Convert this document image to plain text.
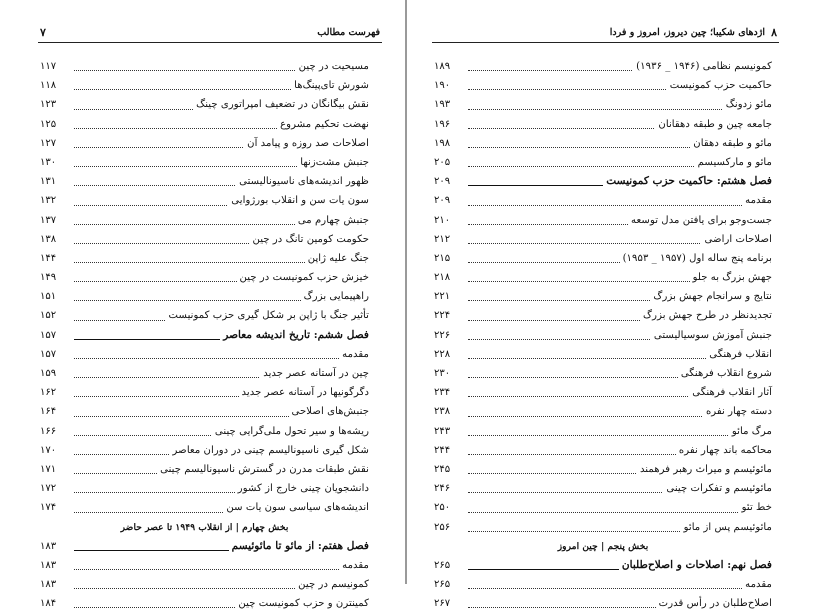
۷	فهرست مطالب
مسیحیت در چین
۱۱۷
شورش تای‌پینگ‌ها
۱۱۸
نقش بیگانگان در تضعیف امپراتوری چینگ
۱۲۳
نهضت تحکیم مشروع
۱۲۵
اصلاحات صد روزه و پیامد آن
۱۲۷
جنبش مشت‌زنها
۱۳۰
ظهور اندیشه‌های ناسیونالیستی
۱۳۱
سون یات سن و انقلاب بورژوایی
۱۳۲
جنبش چهارم می
۱۳۷
حکومت کومین تانگ در چین
۱۳۸
جنگ علیه ژاپن
۱۴۴
خیزش حزب کمونیست در چین
۱۴۹
راهپیمایی بزرگ
۱۵۱
تأثیر جنگ با ژاپن بر شکل گیری حزب کمونیست
۱۵۲
فصل ششم: تاریخ اندیشه معاصر
۱۵۷
مقدمه
۱۵۷
چین در آستانه عصر جدید
۱۵۹
دگرگونیها در آستانه عصر جدید
۱۶۲
جنبش‌های اصلاحی
۱۶۴
ریشه‌ها و سیر تحول ملی‌گرایی چینی
۱۶۶
شکل گیری ناسیونالیسم چینی در دوران معاصر
۱۷۰
نقش طبقات مدرن در گسترش ناسیونالیسم چینی
۱۷۱
دانشجویان چینی خارج از کشور
۱۷۲
اندیشه‌های سیاسی سون یات سن
۱۷۴
بخش چهارم | از انقلاب ۱۹۴۹ تا عصر حاضر
فصل هفتم: از مائو تا مائوئیسم
۱۸۳
مقدمه
۱۸۳
کمونیسم در چین
۱۸۳
کمینترن و حزب کمونیست چین
۱۸۴
اژدهای شکیبا؛ چین دیروز، امروز و فردا ۸
کمونیسم نظامی (۱۹۴۶ _ ۱۹۳۶)
۱۸۹
حاکمیت حزب کمونیست
۱۹۰
مائو زدونگ
۱۹۳
جامعه چین و طبقه دهقانان
۱۹۶
مائو و طبقه دهقان
۱۹۸
مائو و مارکسیسم
۲۰۵
فصل هشتم: حاکمیت حزب کمونیست
۲۰۹
مقدمه
۲۰۹
جست‌وجو برای یافتن مدل توسعه
۲۱۰
اصلاحات اراضی
۲۱۲
برنامه پنج ساله اول (۱۹۵۷ _ ۱۹۵۳)
۲۱۵
جهش بزرگ به جلو
۲۱۸
نتایج و سرانجام جهش بزرگ
۲۲۱
تجدیدنظر در طرح جهش بزرگ
۲۲۴
جنبش آموزش سوسیالیستی
۲۲۶
انقلاب فرهنگی
۲۲۸
شروع انقلاب فرهنگی
۲۳۰
آثار انقلاب فرهنگی
۲۳۴
دسته چهار نفره
۲۳۸
مرگ مائو
۲۴۳
محاکمه باند چهار نفره
۲۴۴
مائوئیسم و میراث رهبر فرهمند
۲۴۵
مائوئیسم و تفکرات چینی
۲۴۶
خط تئو
۲۵۰
مائوئیسم پس از مائو
۲۵۶
بخش پنجم | چین امروز
فصل نهم: اصلاحات و اصلاح‌طلبان
۲۶۵
مقدمه
۲۶۵
اصلاح‌طلبان در رأس قدرت
۲۶۷
